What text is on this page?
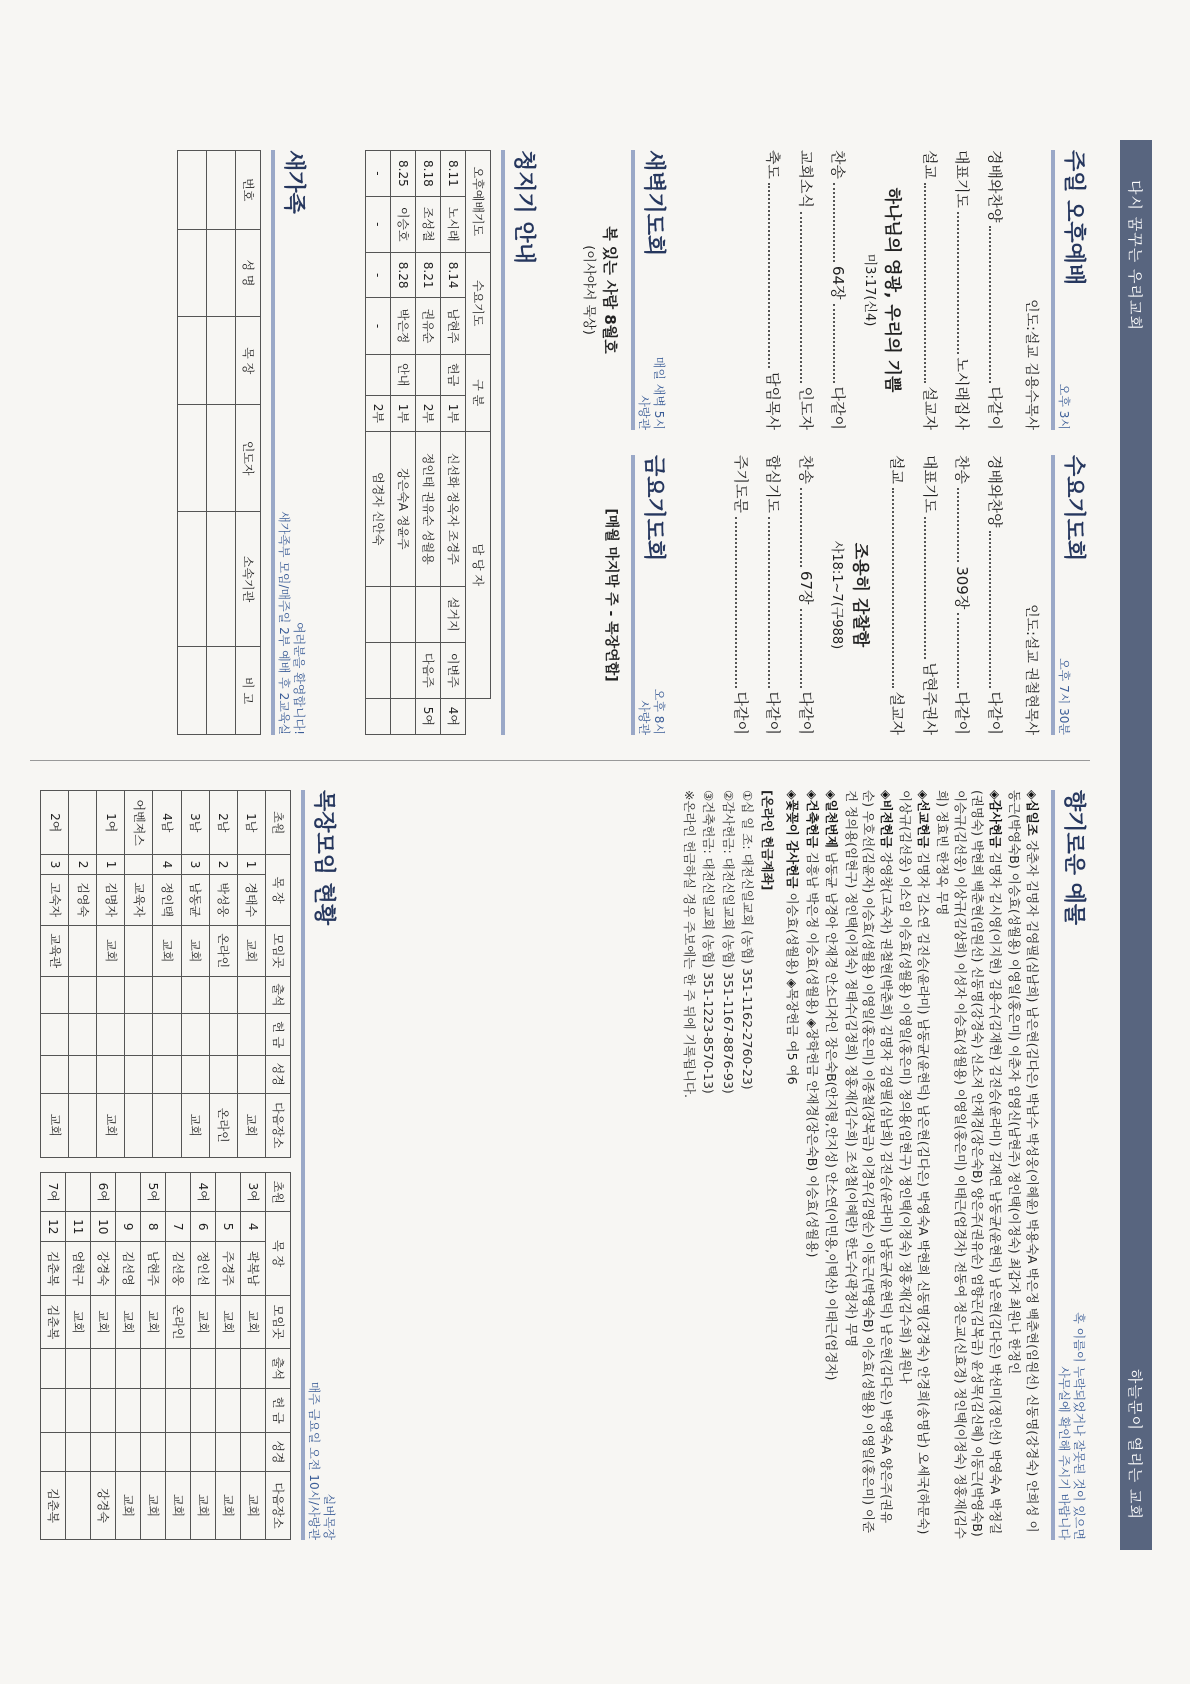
다시 꿈꾸는 우리교회
하늘문이 열리는 교회
주일 오후예배
오후 3시
인도:설교 김용수목사
경배와찬양
다같이
대표기도
노시래집사
설교
설교자
하나님의 영광, 우리의 기쁨
미3:17(신4)
찬송
64장
다같이
교회소식
인도자
축도
담임목사
수요기도회
오후 7시 30분
인도:설교 권철현목사
경배와찬양
다같이
찬송
309장
다같이
대표기도
남현주권사
설교
설교자
조용히 감찰함
사18:1~7(구988)
찬송
67장
다같이
합심기도
다같이
주기도문
다같이
새벽기도회
매일 새벽 5시
사랑관
복 있는 사람 8월호
(이사야서 묵상)
금요기도회
오후 8시
사랑관
[매월 마지막 주 - 목장연합]
청지기 안내
오후예배기도		수요기도		구 분		담 당 자			
8.11	노시래	8.14	남현주	헌금	1부	신선화 정옥자 조경주	설거지	이변주	4여
8.18	조성철	8.21	권유순		2부	정인태 권유순 성월용		다음주	5여
8.25	이승호	8.28	박은정	안내	1부	강은숙A 정윤주			
-	-	-	-		2부	엄경자 신안숙			
새가족
여러분을 환영합니다!
새가족부 모임/매주일 2부 예배 후 2교육실
번호	성 명	목 장	인도자	소속기관	비 고

향기로운 예물
혹 이름이 누락되었거나 잘못된 것이 있으면
사무실에 확인해 주시기 바랍니다

◈십일조 강춘자 김명자 김영필(심남희) 남은현(김다은) 박남수 박성웅(이혜윤) 박용숙A 박은정 백춘현(임원선) 신동명(강경숙) 안희성 이동근(박영숙B) 이승효(성월용) 이영일(홍은미) 이춘자 임영신(남현주) 정인택(이정숙) 최갑자 최원나 한정인

◈감사헌금 김명자 김시영(이지현) 김용수(김재현) 김진승(윤라미) 김재연 남동균(윤현덕) 남은현(김다은) 박선미(정인선) 박영숙A 박정길(권명숙) 박현희 백춘현(임원선) 신동명(강경숙) 신소저 안재경(장은숙B) 양은주(권유순) 엄향곤(김복금) 윤성목(김신혜) 이동근(박영숙B) 이승규(김선웅) 이상규(김상희) 이성자 이승효(성월용) 이영일(홍은미) 이태근(엄경자) 전동여 정은교(신효경) 정인택(이정숙) 정홍재(김수희) 정효빈 한정옥 무명

◈선교헌금 김명자 김소연 김진승(윤라미) 남동균(윤현덕) 남은현(김다은) 박영숙A 박현희 신동명(강경숙) 안경희(송명남) 오세국(하문숙) 이상규(김선웅) 이소임 이승효(성월용) 이영일(홍은미) 정의용(임현구) 정인택(이정숙) 정홍재(김수희) 최원나

◈비전헌금 강영창(고숙자) 권철현(박춘희) 김명자 김영필(심남희) 김진승(윤라미) 남동균(윤현덕) 남은현(김다은) 박영숙A 양은주(권유순) 우호선(김윤자) 이승효(성월용) 이영일(홍은미) 이종철(장복금) 이경우(김영순) 이동근(박영숙B) 이승효(성월용) 이영일(홍은미) 이준건 정의용(임현구) 정인택(이정숙) 정태수(김정희) 정홍재(김수희) 조성철(이혜란) 한도수(곽정자) 무명

◈일천번제 남동균 남경아 안재경 안소디자인 장은숙B(안지형,안지성) 안소연(이민용,이택산) 이태근(엄경자)

◈건축헌금 김흥남 박은정 이승효(성월용) ◈장학헌금 안재경(장은숙B) 이승효(성월용)

◈꽃꽂이 감사헌금 이승효(성월용) ◈목장헌금 여5 여6

[온라인 헌금계좌]

①십 일 조: 대전신일교회 (농협) 351-1162-2760-23)

②감사헌금: 대전신일교회 (농협) 351-1167-8876-93)

③건축헌금: 대전신일교회 (농협) 351-1223-8570-13)

※온라인 헌금하실 경우 주보에는 한 주 뒤에 기록됩니다.

목장모임 현황
실버목장
매주 금요일 오전 10시/사랑관
초원	목 장		모임곳	출석	헌 금	성경	다음장소
1남	1	경태수	교회				교회
2남	2	박성웅	온라인				온라인
3남	3	남동균	교회				교회
4남	4	정인택	교회				
어벤져스		교육자					
1여	1	김명자	교회				교회
	2	김영숙					
2여	3	고숙자	교육관				교회
초원	목 장		모임곳	출석	헌 금	성경	다음장소
3여	4	곽복남	교회				교회
	5	주경주	교회				교회
4여	6	정인선	교회				교회
	7	김선웅	온라인				교회
5여	8	남현주	교회				교회
	9	김선영	교회				교회
6여	10	강경숙	교회				강경숙
	11	엄현구	교회				
7여	12	김춘복	김춘복				김춘복
